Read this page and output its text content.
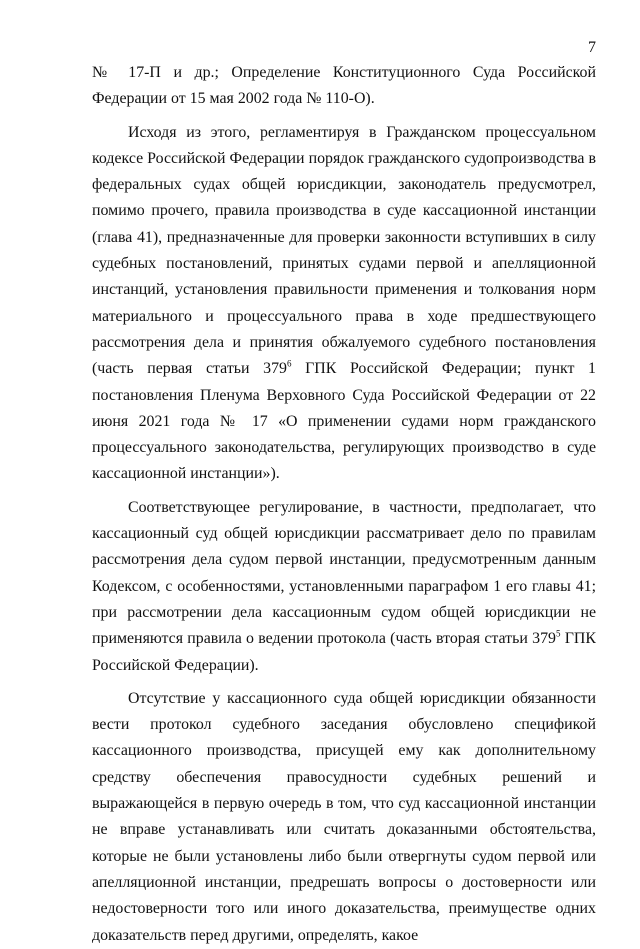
7

№ 17-П и др.; Определение Конституционного Суда Российской Федерации от 15 мая 2002 года № 110-О).

Исходя из этого, регламентируя в Гражданском процессуальном кодексе Российской Федерации порядок гражданского судопроизводства в федеральных судах общей юрисдикции, законодатель предусмотрел, помимо прочего, правила производства в суде кассационной инстанции (глава 41), предназначенные для проверки законности вступивших в силу судебных постановлений, принятых судами первой и апелляционной инстанций, установления правильности применения и толкования норм материального и процессуального права в ходе предшествующего рассмотрения дела и принятия обжалуемого судебного постановления (часть первая статьи $379^6$ ГПК Российской Федерации; пункт 1 постановления Пленума Верховного Суда Российской Федерации от 22 июня 2021 года № 17 «О применении судами норм гражданского процессуального законодательства, регулирующих производство в суде кассационной инстанции»).

Соответствующее регулирование, в частности, предполагает, что кассационный суд общей юрисдикции рассматривает дело по правилам рассмотрения дела судом первой инстанции, предусмотренным данным Кодексом, с особенностями, установленными параграфом 1 его главы 41; при рассмотрении дела кассационным судом общей юрисдикции не применяются правила о ведении протокола (часть вторая статьи $379^5$ ГПК Российской Федерации).

Отсутствие у кассационного суда общей юрисдикции обязанности вести протокол судебного заседания обусловлено спецификой кассационного производства, присущей ему как дополнительному средству обеспечения правосудности судебных решений и выражающейся в первую очередь в том, что суд кассационной инстанции не вправе устанавливать или считать доказанными обстоятельства, которые не были установлены либо были отвергнуты судом первой или апелляционной инстанции, предрешать вопросы о достоверности или недостоверности того или иного доказательства, преимуществе одних доказательств перед другими, определять, какое
